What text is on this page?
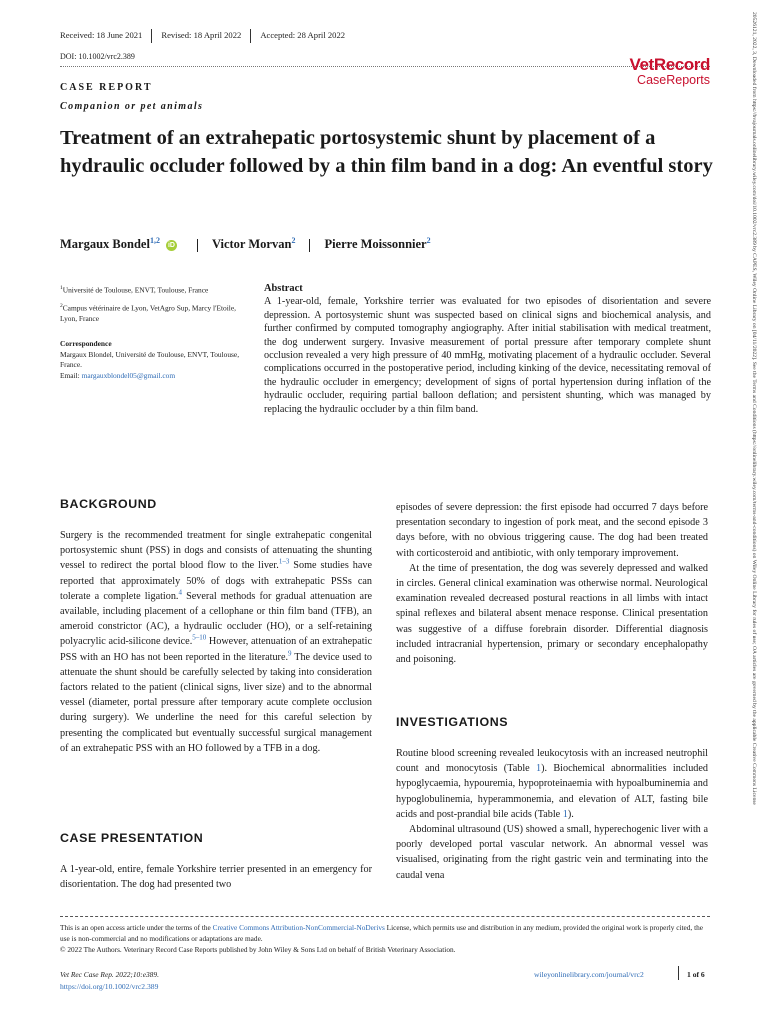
Received: 18 June 2021 Revised: 18 April 2022 Accepted: 28 April 2022
DOI: 10.1002/vrc2.389	VetRecord
CaseReports
CASE REPORT
Companion or pet animals
Treatment of an extrahepatic portosystemic shunt by placement of a hydraulic occluder followed by a thin film band in a dog: An eventful story
Margaux Bondel$^{1,2}$iD	Victor Morvan$^2$ Pierre Moissonnier$^2$
$^1$Université de Toulouse, ENVT, Toulouse, France
$^2$Campus vétérinaire de Lyon, VetAgro Sup, Marcy l'Etoile, Lyon, France
Correspondence
Margaux Blondel, Université de Toulouse, ENVT, Toulouse, France.
Email: margauxblondel05@gmail.com
Abstract
A 1-year-old, female, Yorkshire terrier was evaluated for two episodes of disorientation and severe depression. A portosystemic shunt was suspected based on clinical signs and biochemical analysis, and further confirmed by computed tomography angiography. After initial stabilisation with medical treatment, the dog underwent surgery. Invasive measurement of portal pressure after temporary complete shunt occlusion revealed a very high pressure of 40 mmHg, motivating placement of a hydraulic occluder. Several complications occurred in the postoperative period, including kinking of the device, necessitating removal of the hydraulic occluder in emergency; development of signs of portal hypertension during inflation of the hydraulic occluder, requiring partial balloon deflation; and persistent shunting, which was managed by replacing the hydraulic occluder by a thin film band.
BACKGROUND

Surgery is the recommended treatment for single extrahepatic congenital portosystemic shunt (PSS) in dogs and consists of attenuating the shunting vessel to redirect the portal blood flow to the liver.$^{1-3}$ Some studies have reported that approximately 50% of dogs with extrahepatic PSSs can tolerate a complete ligation.$^4$ Several methods for gradual attenuation are available, including placement of a cellophane or thin film band (TFB), an ameroid constrictor (AC), a hydraulic occluder (HO), or a self-retaining polyacrylic acid-silicone device.$^{5-10}$ However, attenuation of an extrahepatic PSS with an HO has not been reported in the literature.$^9$ The device used to attenuate the shunt should be carefully selected by taking into consideration factors related to the patient (clinical signs, liver size) and to the abnormal vessel (diameter, portal pressure after temporary acute complete occlusion during surgery). We underline the need for this careful selection by presenting the complicated but eventually successful surgical management of an extrahepatic PSS with an HO followed by a TFB in a dog.

CASE PRESENTATION

A 1-year-old, entire, female Yorkshire terrier presented in an emergency for disorientation. The dog had presented two

episodes of severe depression: the first episode had occurred 7 days before presentation secondary to ingestion of pork meat, and the second episode 3 days before, with no obvious triggering cause. The dog had been treated with corticosteroid and antibiotic, with only temporary improvement.

At the time of presentation, the dog was severely depressed and walked in circles. General clinical examination was otherwise normal. Neurological examination revealed decreased postural reactions in all limbs with intact spinal reflexes and bilateral absent menace response. Clinical presentation was suggestive of a diffuse forebrain disorder. Differential diagnosis included intracranial hypertension, primary or secondary encephalopathy and poisoning.

INVESTIGATIONS

Routine blood screening revealed leukocytosis with an increased neutrophil count and monocytosis (Table 1). Biochemical abnormalities included hypoglycaemia, hypouremia, hypoproteinaemia with hypoalbuminemia and hypoglobulinemia, hyperammonemia, and elevation of ALT, fasting bile acids and post-prandial bile acids (Table 1).

Abdominal ultrasound (US) showed a small, hyperechogenic liver with a poorly developed portal vascular network. An abnormal vessel was visualised, originating from the right gastric vein and terminating into the caudal vena

This is an open access article under the terms of the Creative Commons Attribution-NonCommercial-NoDerivs License, which permits use and distribution in any medium, provided the original work is properly cited, the use is non-commercial and no modifications or adaptations are made.
© 2022 The Authors. Veterinary Record Case Reports published by John Wiley & Sons Ltd on behalf of British Veterinary Association.
Vet Rec Case Rep. 2022;10:e389.
https://doi.org/10.1002/vrc2.389
wileyonlinelibrary.com/journal/vrc2	1 of 6
20526121, 2022, 3, Downloaded from https://bvajournals.onlinelibrary.wiley.com/doi/10.1002/vrc2.389 by CAPES, Wiley Online Library on [04/11/2022]. See the Terms and Conditions (https://onlinelibrary.wiley.com/terms-and-conditions) on Wiley Online Library for rules of use; OA articles are governed by the applicable Creative Commons License
